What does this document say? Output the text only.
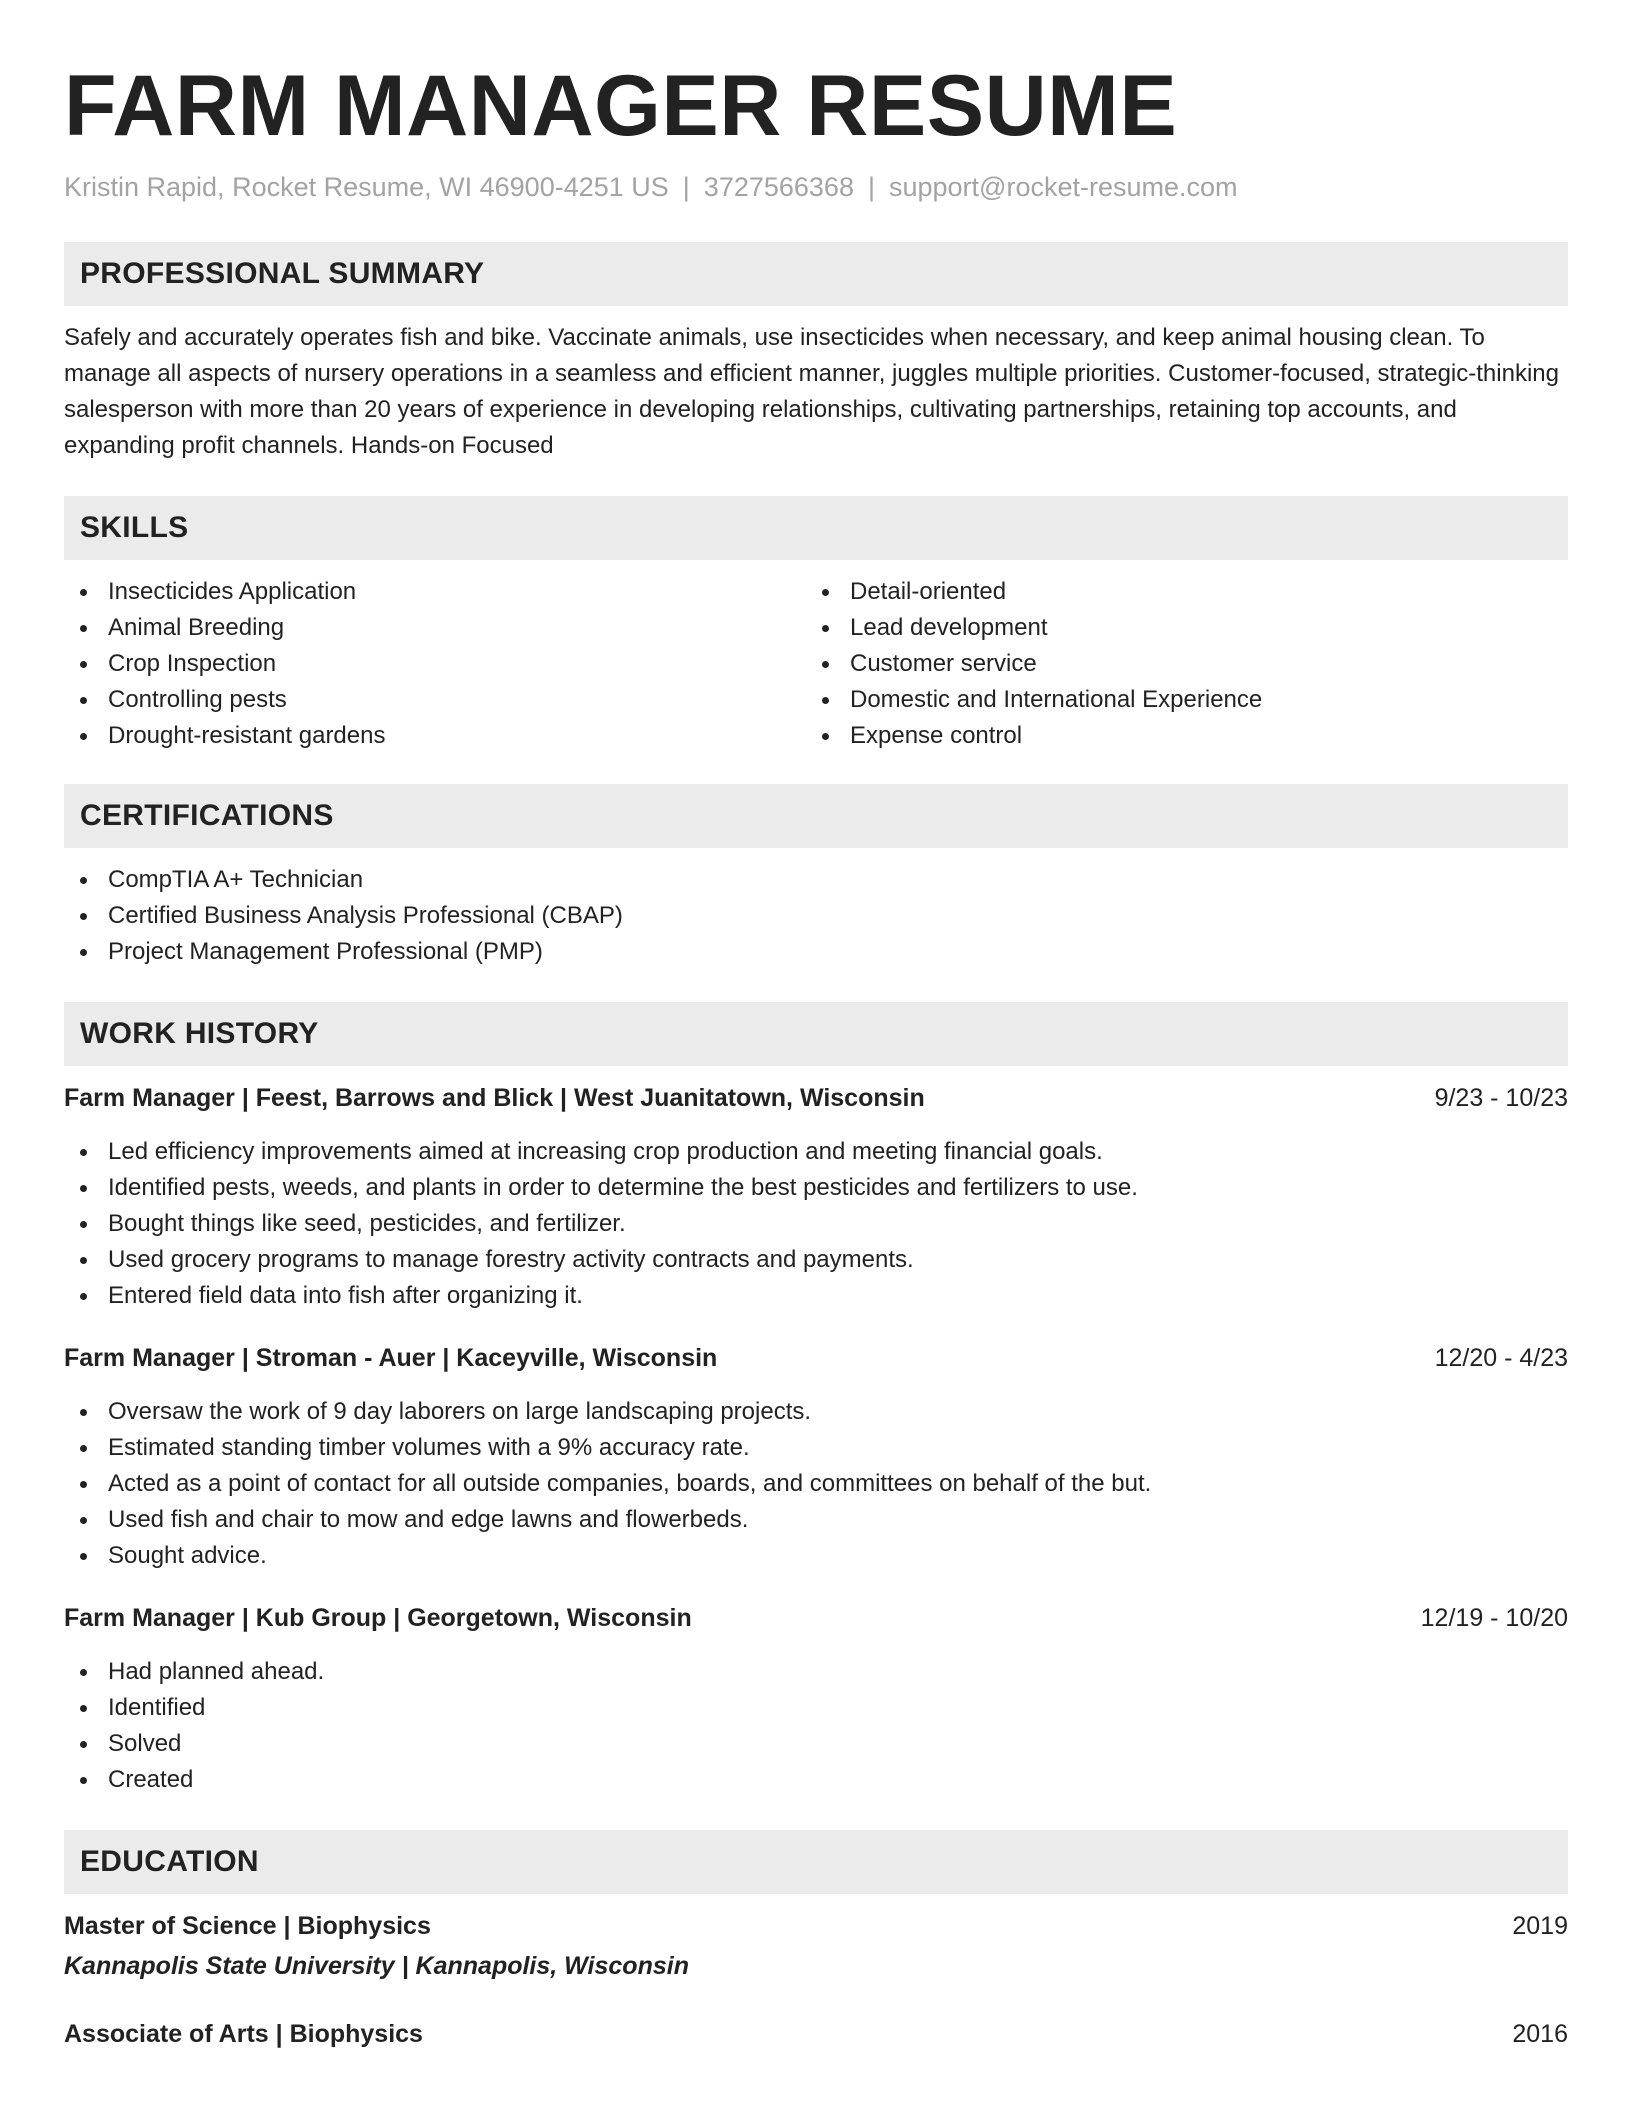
FARM MANAGER RESUME
Kristin Rapid, Rocket Resume, WI 46900-4251 US | 3727566368 | support@rocket-resume.com
PROFESSIONAL SUMMARY

Safely and accurately operates fish and bike. Vaccinate animals, use insecticides when necessary, and keep animal housing clean. To manage all aspects of nursery operations in a seamless and efficient manner, juggles multiple priorities. Customer-focused, strategic-thinking salesperson with more than 20 years of experience in developing relationships, cultivating partnerships, retaining top accounts, and expanding profit channels. Hands-on Focused

SKILLS
Insecticides Application
Animal Breeding
Crop Inspection
Controlling pests
Drought-resistant gardens
Detail-oriented
Lead development
Customer service
Domestic and International Experience
Expense control
CERTIFICATIONS
CompTIA A+ Technician
Certified Business Analysis Professional (CBAP)
Project Management Professional (PMP)
WORK HISTORY
Farm Manager | Feest, Barrows and Blick | West Juanitatown, Wisconsin	9/23 - 10/23
Led efficiency improvements aimed at increasing crop production and meeting financial goals.
Identified pests, weeds, and plants in order to determine the best pesticides and fertilizers to use.
Bought things like seed, pesticides, and fertilizer.
Used grocery programs to manage forestry activity contracts and payments.
Entered field data into fish after organizing it.
Farm Manager | Stroman - Auer | Kaceyville, Wisconsin	12/20 - 4/23
Oversaw the work of 9 day laborers on large landscaping projects.
Estimated standing timber volumes with a 9% accuracy rate.
Acted as a point of contact for all outside companies, boards, and committees on behalf of the but.
Used fish and chair to mow and edge lawns and flowerbeds.
Sought advice.
Farm Manager | Kub Group | Georgetown, Wisconsin	12/19 - 10/20
Had planned ahead.
Identified
Solved
Created
EDUCATION
Master of Science | Biophysics	2019
Kannapolis State University | Kannapolis, Wisconsin
Associate of Arts | Biophysics	2016
